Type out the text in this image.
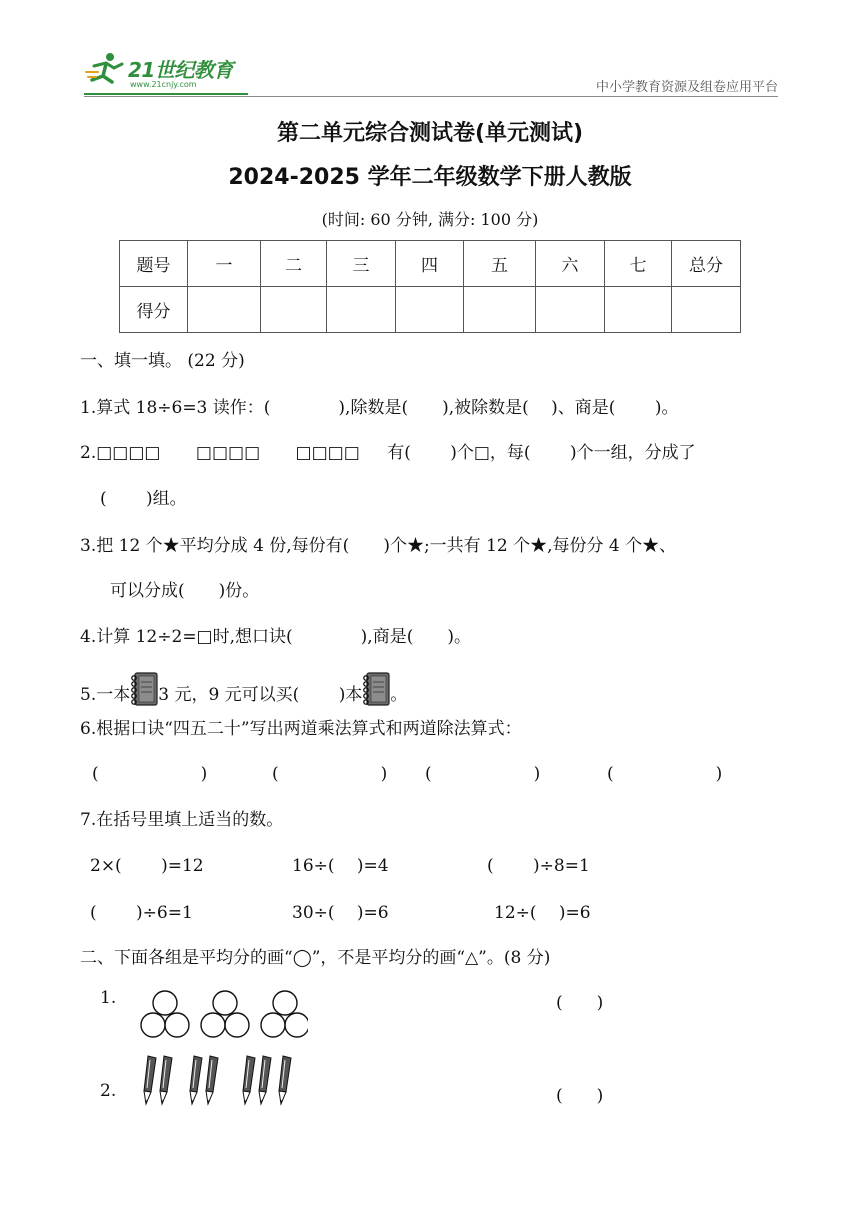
21世纪教育
www.21cnjy.com	中小学教育资源及组卷应用平台
第二单元综合测试卷(单元测试)
2024-2025 学年二年级数学下册人教版
(时间: 60 分钟, 满分: 100 分)
题号	一	二	三	四	五	六	七	总分
得分								
一、填一填。 (22 分)
1.算式 18÷6=3 读作：(　　　　),除数是(　　),被除数是(　 )、商是(　 　)。
2.□□□□ □□□□ □□□□ 有(　　 )个□，每(　　 )个一组，分成了
(　　 )组。
3.把 12 个★平均分成 4 份,每份有(　　)个★;一共有 12 个★,每份分 4 个★、
可以分成(　　)份。
4.计算 12÷2=□时,想口诀(　　　　),商是(　　)。
5.一本 3 元，9 元可以买(　　 )本 。
6.根据口诀“四五二十”写出两道乘法算式和两道除法算式：
(　　　　　　)	(　　　　　　) (　　　　　　)	(　　　　　　)
7.在括号里填上适当的数。
2×(　　 )=12	16÷(　 )=4	(　　 )÷8=1
(　　 )÷6=1	30÷(　 )=6	12÷(　 )=6
二、下面各组是平均分的画“◯”，不是平均分的画“△”。(8 分)
1.	(　　)
2.	(　　)
